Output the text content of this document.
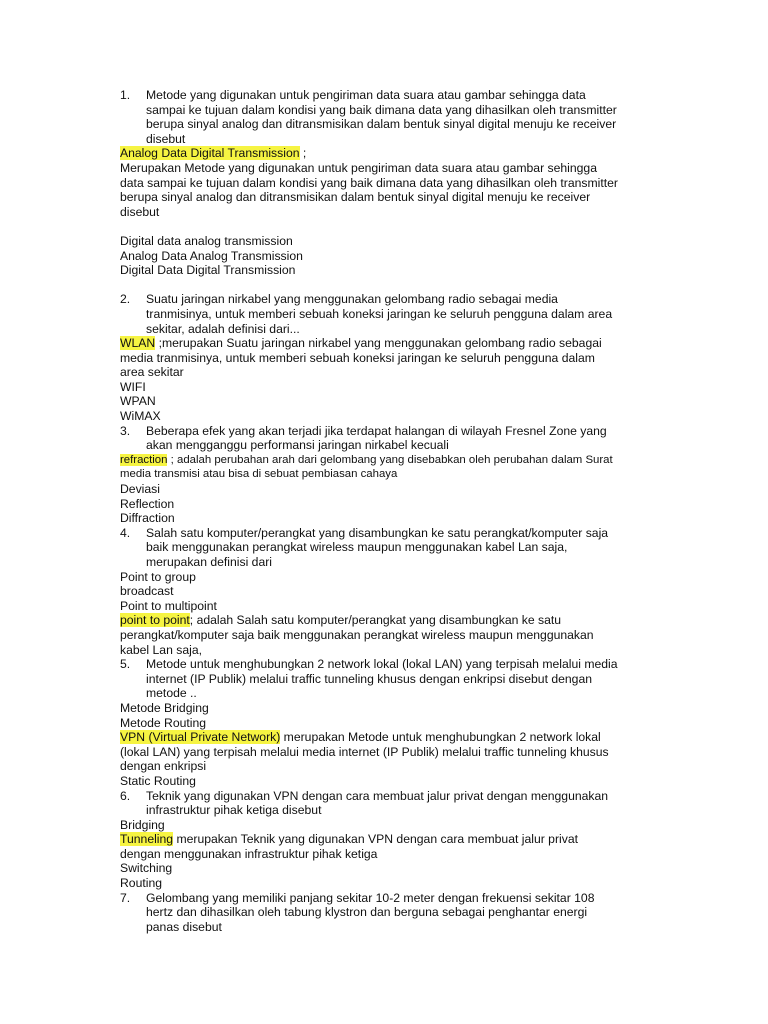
1.	Metode yang digunakan untuk pengiriman data suara atau gambar sehingga data sampai ke tujuan dalam kondisi yang baik dimana data yang dihasilkan oleh transmitter berupa sinyal analog dan ditransmisikan dalam bentuk sinyal digital menuju ke receiver disebut
Analog Data Digital Transmission ;
Merupakan Metode yang digunakan untuk pengiriman data suara atau gambar sehingga data sampai ke tujuan dalam kondisi yang baik dimana data yang dihasilkan oleh transmitter berupa sinyal analog dan ditransmisikan dalam bentuk sinyal digital menuju ke receiver disebut
Digital data analog transmission
Analog Data Analog Transmission
Digital Data Digital Transmission
2.	Suatu jaringan nirkabel yang menggunakan gelombang radio sebagai media tranmisinya, untuk memberi sebuah koneksi jaringan ke seluruh pengguna dalam area sekitar, adalah definisi dari...
WLAN ;merupakan Suatu jaringan nirkabel yang menggunakan gelombang radio sebagai media tranmisinya, untuk memberi sebuah koneksi jaringan ke seluruh pengguna dalam area sekitar
WIFI
WPAN
WiMAX
3.	Beberapa efek yang akan terjadi jika terdapat halangan di wilayah Fresnel Zone yang akan mengganggu performansi jaringan nirkabel kecuali
refraction ; adalah perubahan arah dari gelombang yang disebabkan oleh perubahan dalam Surat media transmisi atau bisa di sebuat pembiasan cahaya
Deviasi
Reflection
Diffraction
4.	Salah satu komputer/perangkat yang disambungkan ke satu perangkat/komputer saja baik menggunakan perangkat wireless maupun menggunakan kabel Lan saja, merupakan definisi dari
Point to group
broadcast
Point to multipoint
point to point; adalah Salah satu komputer/perangkat yang disambungkan ke satu perangkat/komputer saja baik menggunakan perangkat wireless maupun menggunakan kabel Lan saja,
5.	Metode untuk menghubungkan 2 network lokal (lokal LAN) yang terpisah melalui media internet (IP Publik) melalui traffic tunneling khusus dengan enkripsi disebut dengan metode ..
Metode Bridging
Metode Routing
VPN (Virtual Private Network) merupakan Metode untuk menghubungkan 2 network lokal (lokal LAN) yang terpisah melalui media internet (IP Publik) melalui traffic tunneling khusus dengan enkripsi
Static Routing
6.	Teknik yang digunakan VPN dengan cara membuat jalur privat dengan menggunakan infrastruktur pihak ketiga disebut
Bridging
Tunneling merupakan Teknik yang digunakan VPN dengan cara membuat jalur privat dengan menggunakan infrastruktur pihak ketiga
Switching
Routing
7.	Gelombang yang memiliki panjang sekitar 10-2 meter dengan frekuensi sekitar 108 hertz dan dihasilkan oleh tabung klystron dan berguna sebagai penghantar energi panas disebut
